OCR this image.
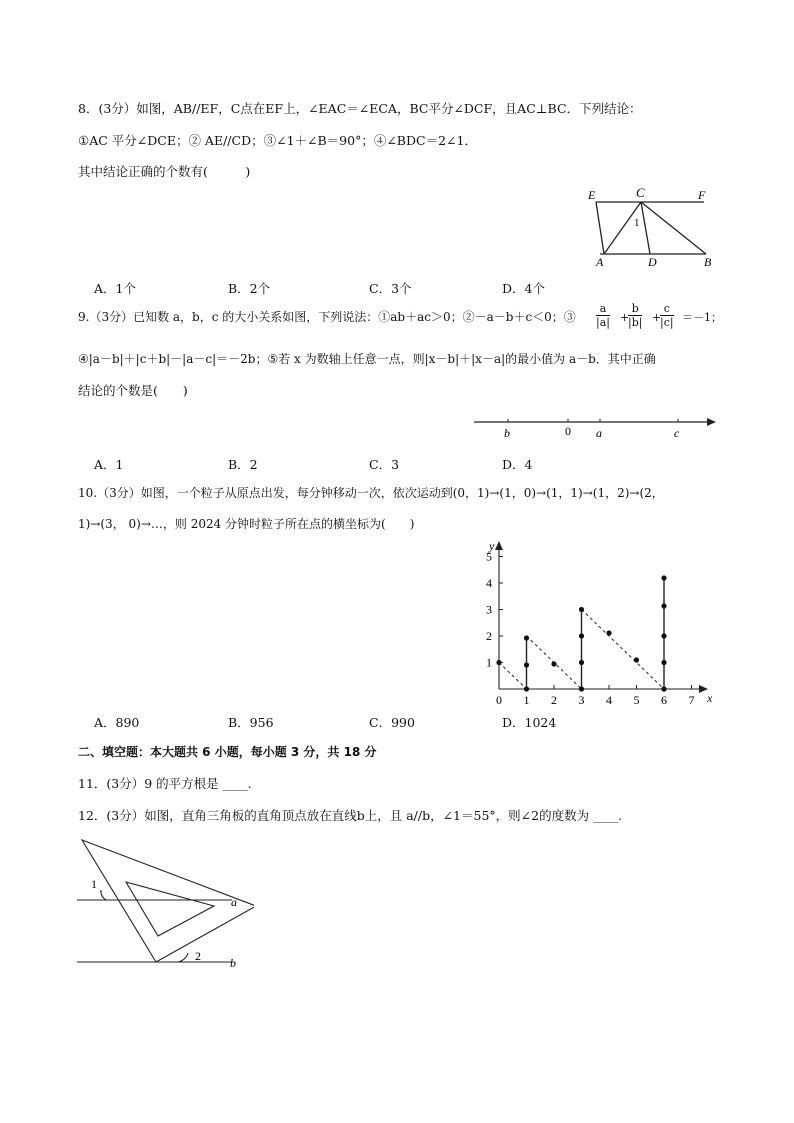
8．(3分）如图，AB//EF，C点在EF上，∠EAC＝∠ECA，BC平分∠DCF，且AC⊥BC．下列结论：
①AC 平分∠DCE；② AE//CD；③∠1＋∠B＝90°；④∠BDC＝2∠1．
其中结论正确的个数有(　　　)
E	C	F
1
A	D	B
A．1个	B．2个	C．3个	D．4个
9.（3分）已知数 a，b，c 的大小关系如图，下列说法：①ab＋ac＞0；②－a－b＋c＜0；③ $\frac{a}{|a|}$ +
$\frac{b}{|b|}$ +
$\frac{c}{|c|} =-1$；
④|a－b|＋|c＋b|－|a－c|＝－2b；⑤若 x 为数轴上任意一点，则|x－b|＋|x－a|的最小值为 a－b．其中正确
结论的个数是(　　)
b	0 a	c
A．1	B．2	C．3	D．4
10.（3分）如图，一个粒子从原点出发，每分钟移动一次，依次运动到(0，1)→(1，0)→(1，1)→(1，2)→(2，
1)→(3， 0)→…，则 2024 分钟时粒子所在点的横坐标为(　　)
y
x
0 1 2 3 4 5 6 7
1
2
3
4
5
A．890	B．956	C．990	D．1024
二、填空题：本大题共 6 小题，每小题 3 分，共 18 分
11．(3分）9 的平方根是 ____.
12．(3分）如图，直角三角板的直角顶点放在直线b上，且 a//b，∠1＝55°，则∠2的度数为 ____.
1
2
a
b
